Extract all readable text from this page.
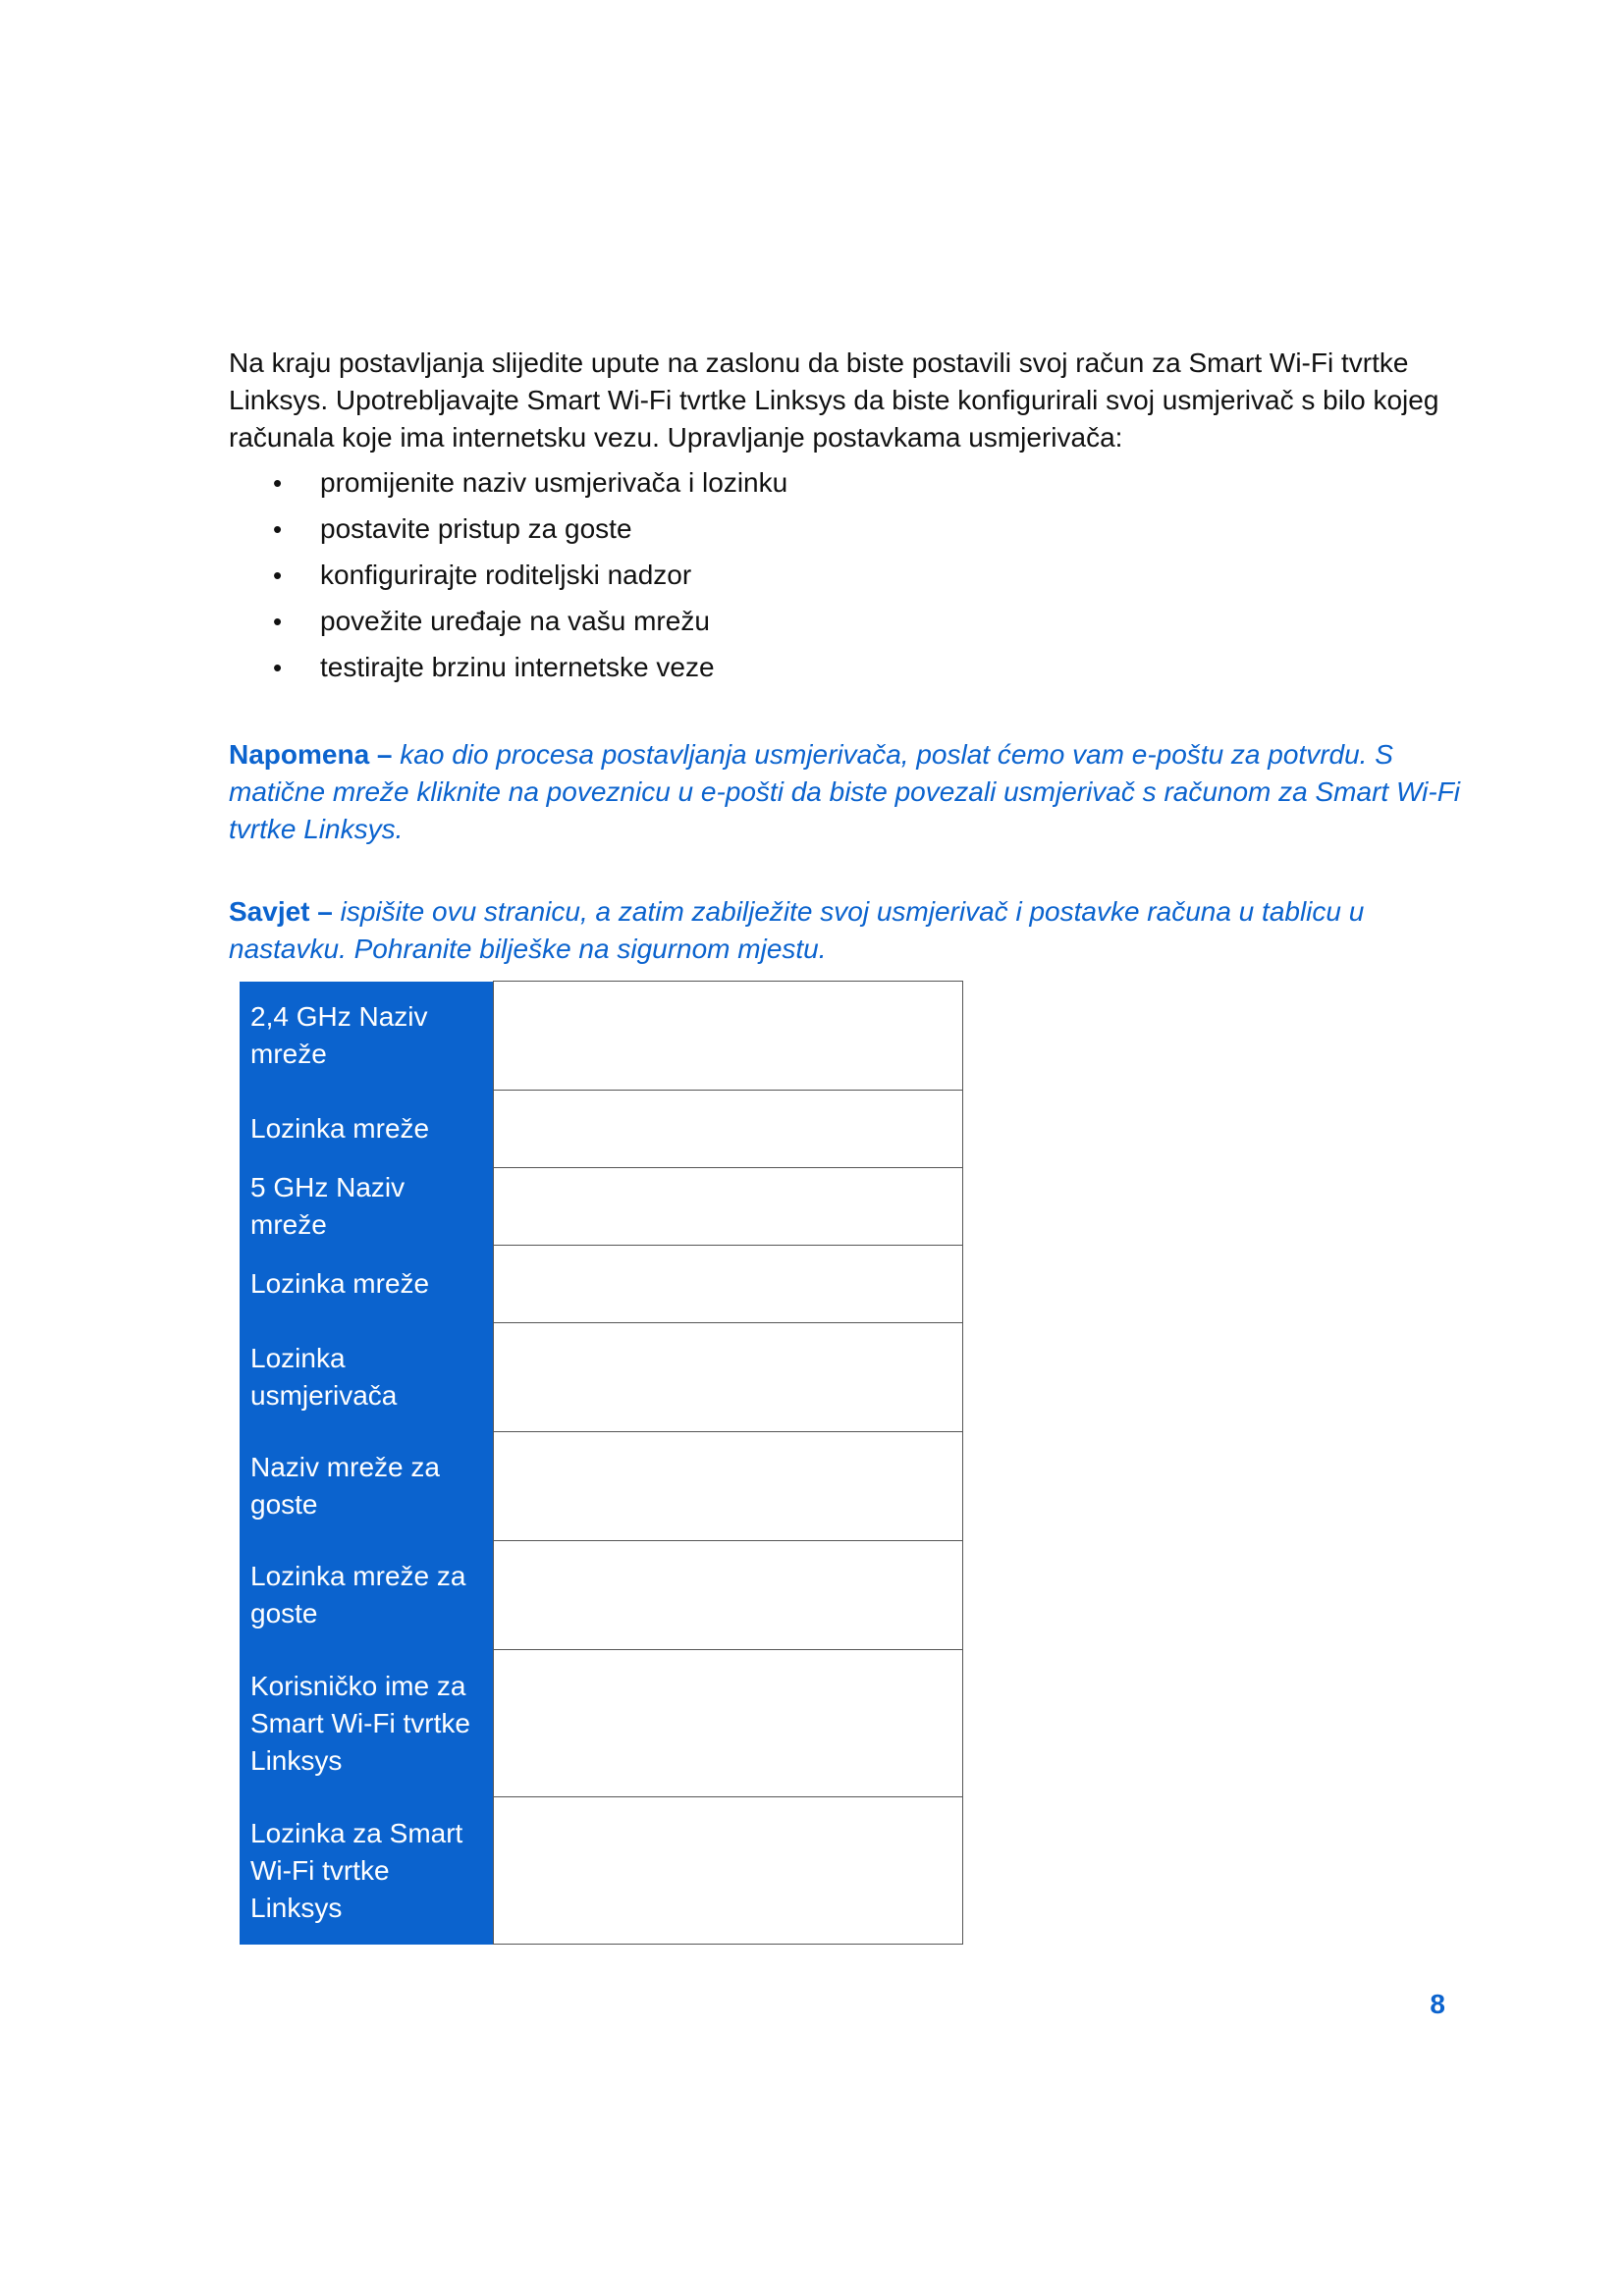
Na kraju postavljanja slijedite upute na zaslonu da biste postavili svoj račun za Smart Wi-Fi tvrtke Linksys. Upotrebljavajte Smart Wi-Fi tvrtke Linksys da biste konfigurirali svoj usmjerivač s bilo kojeg računala koje ima internetsku vezu. Upravljanje postavkama usmjerivača:

• promijenite naziv usmjerivača i lozinku
• postavite pristup za goste
• konfigurirajte roditeljski nadzor
• povežite uređaje na vašu mrežu
• testirajte brzinu internetske veze

Napomena – kao dio procesa postavljanja usmjerivača, poslat ćemo vam e-poštu za potvrdu. S matične mreže kliknite na poveznicu u e-pošti da biste povezali usmjerivač s računom za Smart Wi-Fi tvrtke Linksys.

Savjet – ispišite ovu stranicu, a zatim zabilježite svoj usmjerivač i postavke računa u tablicu u nastavku. Pohranite bilješke na sigurnom mjestu.

2,4 GHz Naziv mreže	
Lozinka mreže	
5 GHz Naziv mreže	
Lozinka mreže	
Lozinka usmjerivača	
Naziv mreže za goste	
Lozinka mreže za goste	
Korisničko ime za Smart Wi-Fi tvrtke Linksys	
Lozinka za Smart Wi-Fi tvrtke Linksys	
8
